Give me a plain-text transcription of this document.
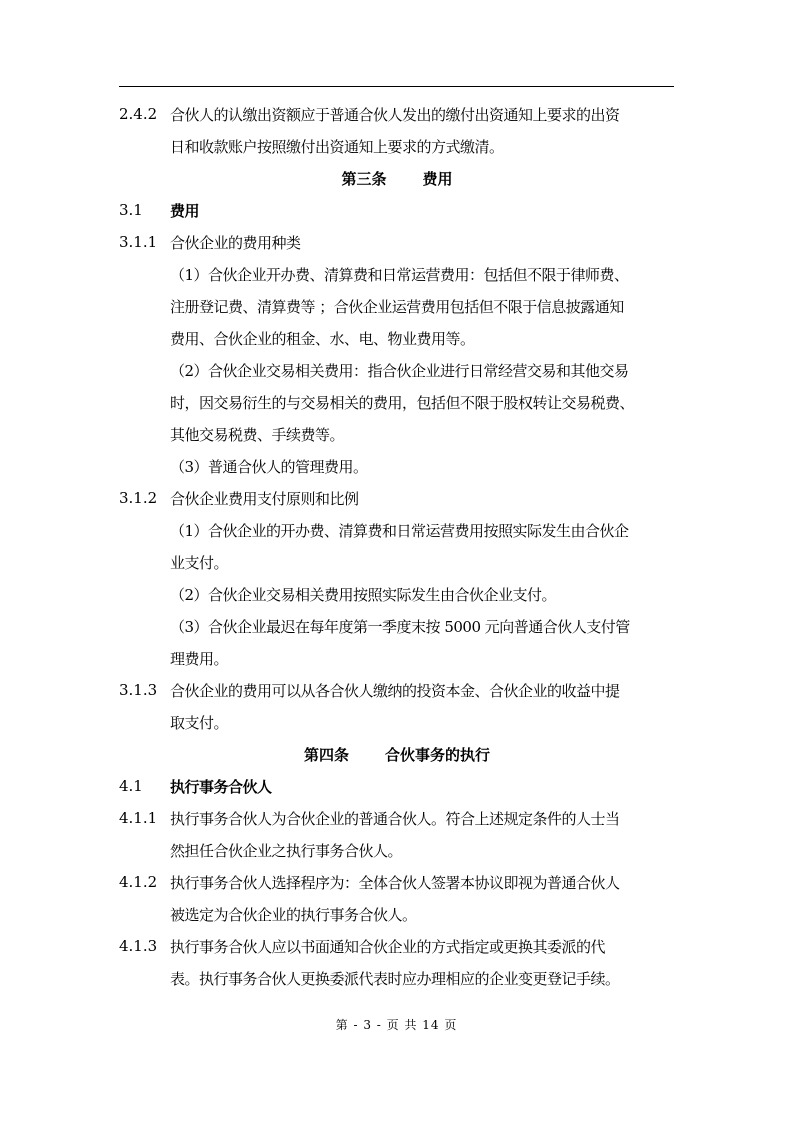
2.4.2 合伙人的认缴出资额应于普通合伙人发出的缴付出资通知上要求的出资
日和收款账户按照缴付出资通知上要求的方式缴清。
第三条 费用
3.1	费用
3.1.1 合伙企业的费用种类
（1）合伙企业开办费、清算费和日常运营费用：包括但不限于律师费、
注册登记费、清算费等 ；合伙企业运营费用包括但不限于信息披露通知
费用、合伙企业的租金、水、电、物业费用等。
（2）合伙企业交易相关费用：指合伙企业进行日常经营交易和其他交易
时，因交易衍生的与交易相关的费用，包括但不限于股权转让交易税费、
其他交易税费、手续费等。
（3）普通合伙人的管理费用。
3.1.2 合伙企业费用支付原则和比例
（1）合伙企业的开办费、清算费和日常运营费用按照实际发生由合伙企
业支付。
（2）合伙企业交易相关费用按照实际发生由合伙企业支付。
（3）合伙企业最迟在每年度第一季度末按 5000 元向普通合伙人支付管
理费用。
3.1.3 合伙企业的费用可以从各合伙人缴纳的投资本金、合伙企业的收益中提
取支付。
第四条 合伙事务的执行
4.1	执行事务合伙人
4.1.1 执行事务合伙人为合伙企业的普通合伙人。符合上述规定条件的人士当
然担任合伙企业之执行事务合伙人。
4.1.2 执行事务合伙人选择程序为：全体合伙人签署本协议即视为普通合伙人
被选定为合伙企业的执行事务合伙人。
4.1.3 执行事务合伙人应以书面通知合伙企业的方式指定或更换其委派的代
表。执行事务合伙人更换委派代表时应办理相应的企业变更登记手续。
第 - 3 - 页 共 14 页
